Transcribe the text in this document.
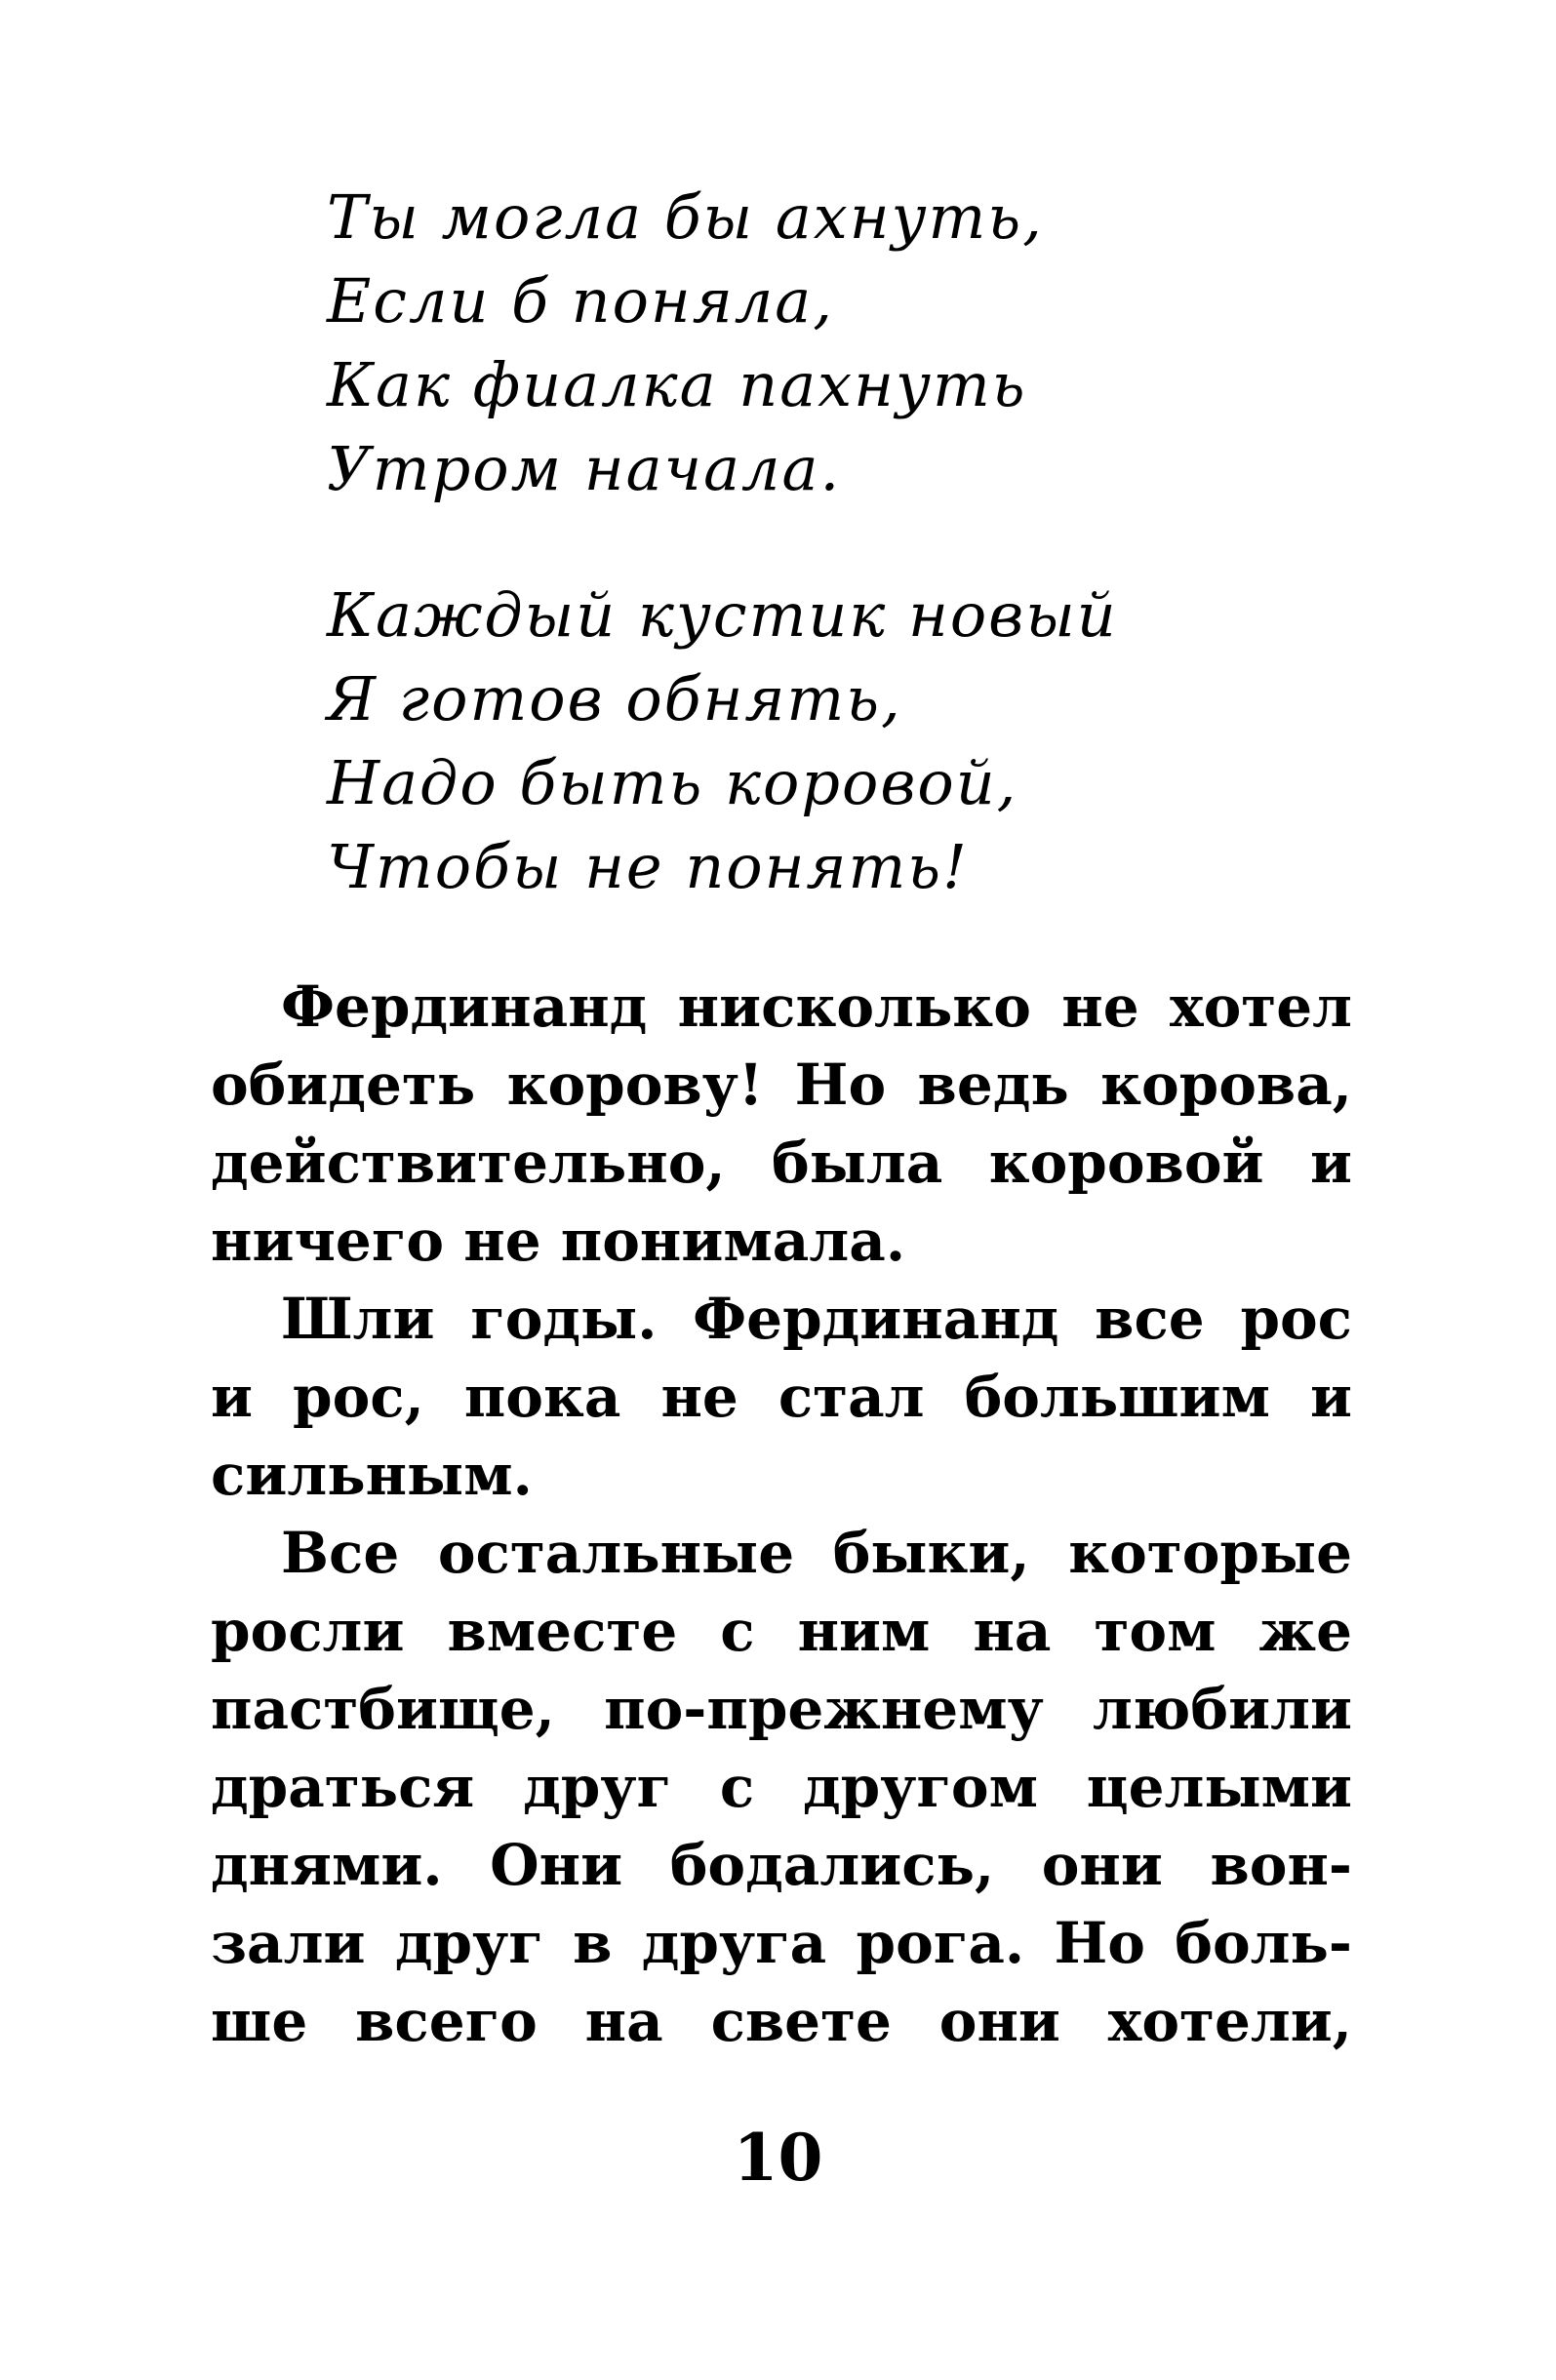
Ты могла бы ахнуть,
Если б поняла,
Как фиалка пахнуть
Утром начала.
Каждый кустик новый
Я готов обнять,
Надо быть коровой,
Чтобы не понять!

Фердинанд нисколько не хотел
обидеть корову! Но ведь корова,
действительно, была коровой и
ничего не понимала.

Шли годы. Фердинанд все рос
и рос, пока не стал большим и
сильным.

Все остальные быки, которые
росли вместе с ним на том же
пастбище, по-прежнему любили
драться друг с другом целыми
днями. Они бодались, они вон-
зали друг в друга рога. Но боль-
ше всего на свете они хотели,

10
